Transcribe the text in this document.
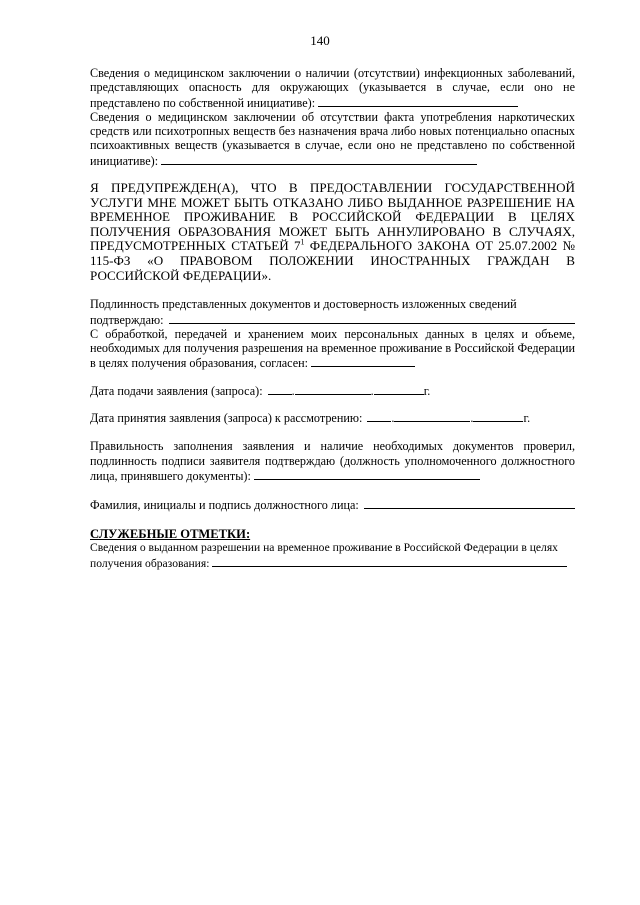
140
Сведения о медицинском заключении о наличии (отсутствии) инфекционных заболеваний, представляющих опасность для окружающих (указывается в случае, если оно не представлено по собственной инициативе):
Сведения о медицинском заключении об отсутствии факта употребления наркотических средств или психотропных веществ без назначения врача либо новых потенциально опасных психоактивных веществ (указывается в случае, если оно не представлено по собственной инициативе):
Я ПРЕДУПРЕЖДЕН(А), ЧТО В ПРЕДОСТАВЛЕНИИ ГОСУДАРСТВЕННОЙ УСЛУГИ МНЕ МОЖЕТ БЫТЬ ОТКАЗАНО ЛИБО ВЫДАННОЕ РАЗРЕШЕНИЕ НА ВРЕМЕННОЕ ПРОЖИВАНИЕ В РОССИЙСКОЙ ФЕДЕРАЦИИ В ЦЕЛЯХ ПОЛУЧЕНИЯ ОБРАЗОВАНИЯ МОЖЕТ БЫТЬ АННУЛИРОВАНО В СЛУЧАЯХ, ПРЕДУСМОТРЕННЫХ СТАТЬЕЙ $7^1$ ФЕДЕРАЛЬНОГО ЗАКОНА ОТ 25.07.2002 № 115-ФЗ «О ПРАВОВОМ ПОЛОЖЕНИИ ИНОСТРАННЫХ ГРАЖДАН В РОССИЙСКОЙ ФЕДЕРАЦИИ».
Подлинность представленных документов и достоверность изложенных сведений
подтверждаю:
С обработкой, передачей и хранением моих персональных данных в целях и объеме, необходимых для получения разрешения на временное проживание в Российской Федерации в целях получения образования, согласен:
Дата подачи заявления (запроса): .	.	г.
Дата принятия заявления (запроса) к рассмотрению: .	.	г.
Правильность заполнения заявления и наличие необходимых документов проверил, подлинность подписи заявителя подтверждаю (должность уполномоченного должностного лица, принявшего документы):
Фамилия, инициалы и подпись должностного лица:
СЛУЖЕБНЫЕ ОТМЕТКИ:
Сведения о выданном разрешении на временное проживание в Российской Федерации в целях получения образования:
